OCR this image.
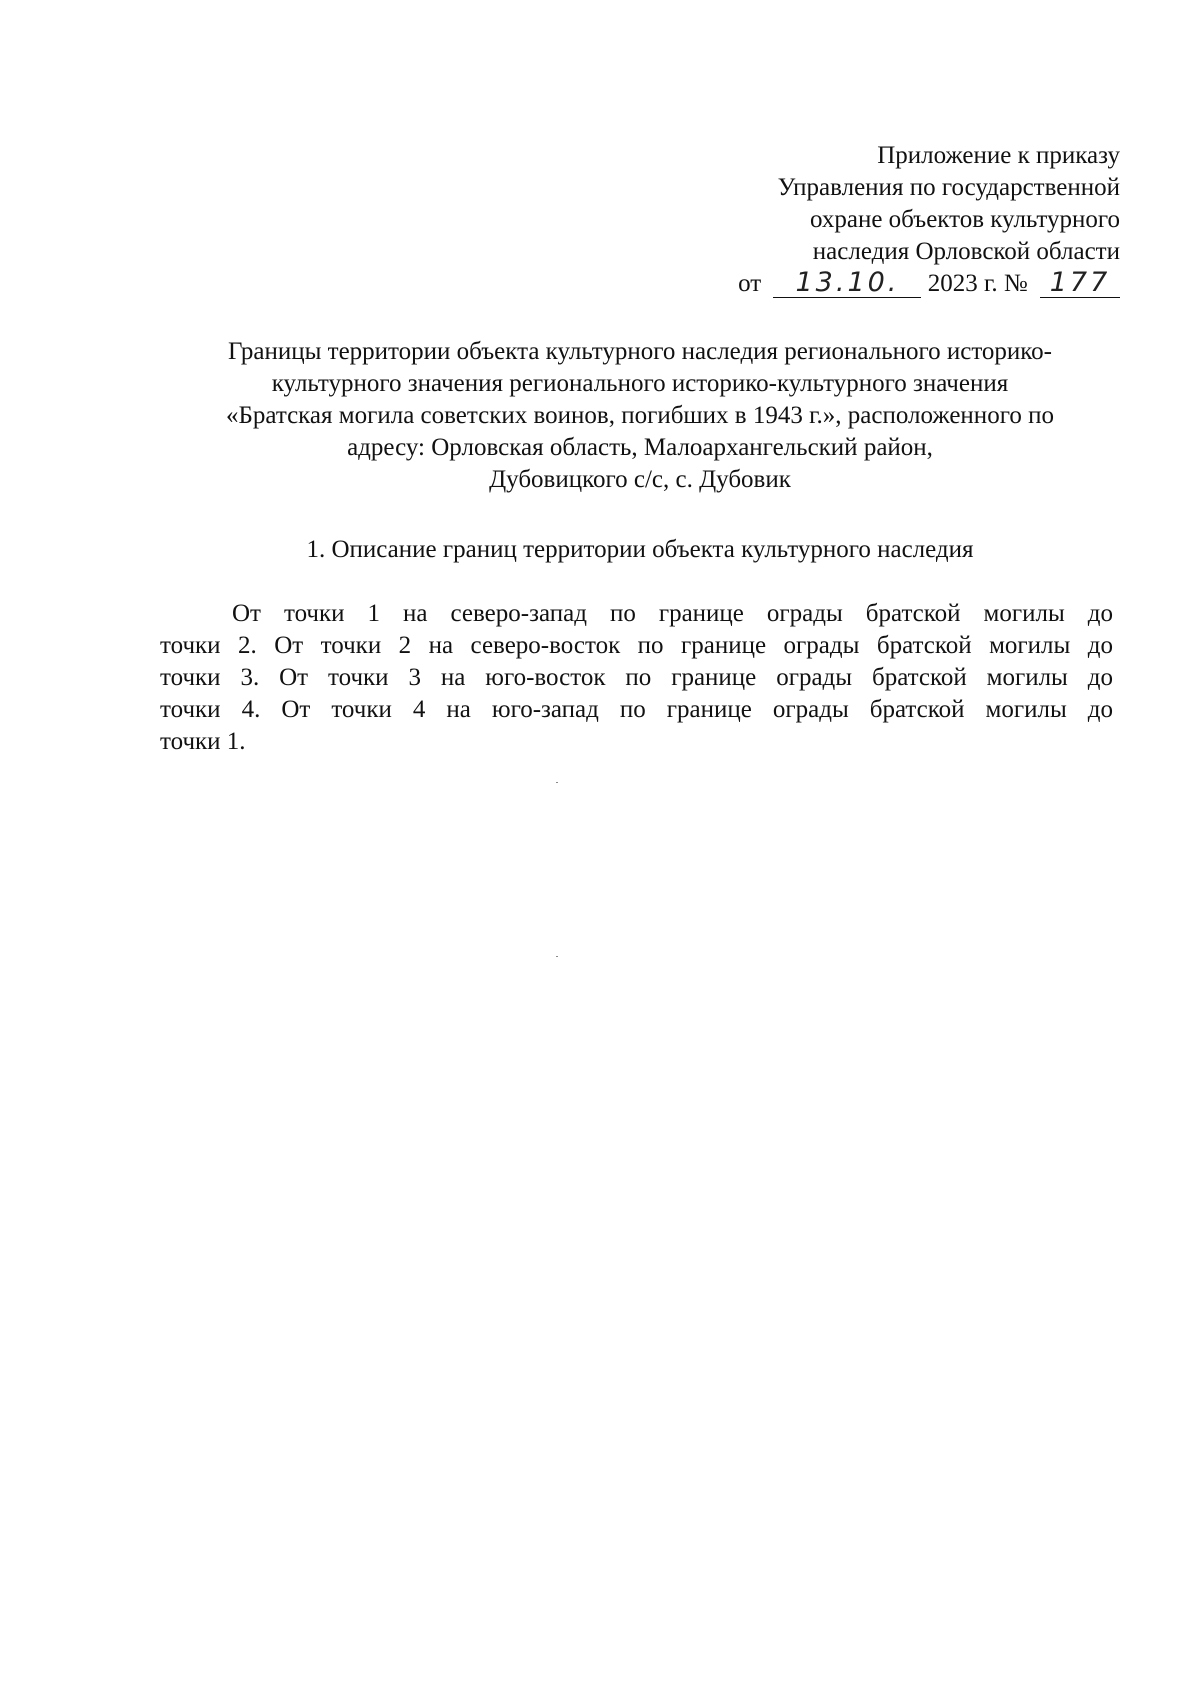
Приложение к приказу
Управления по государственной
охране объектов культурного
наследия Орловской области
от 13.10. 2023 г. № 177
Границы территории объекта культурного наследия регионального историко-
культурного значения регионального историко-культурного значения
«Братская могила советских воинов, погибших в 1943 г.», расположенного по
адресу: Орловская область, Малоархангельский район,
Дубовицкого с/с, с. Дубовик
1. Описание границ территории объекта культурного наследия
От точки 1 на северо-запад по границе ограды братской могилы до
точки 2. От точки 2 на северо-восток по границе ограды братской могилы до
точки 3. От точки 3 на юго-восток по границе ограды братской могилы до
точки 4. От точки 4 на юго-запад по границе ограды братской могилы до
точки 1.
